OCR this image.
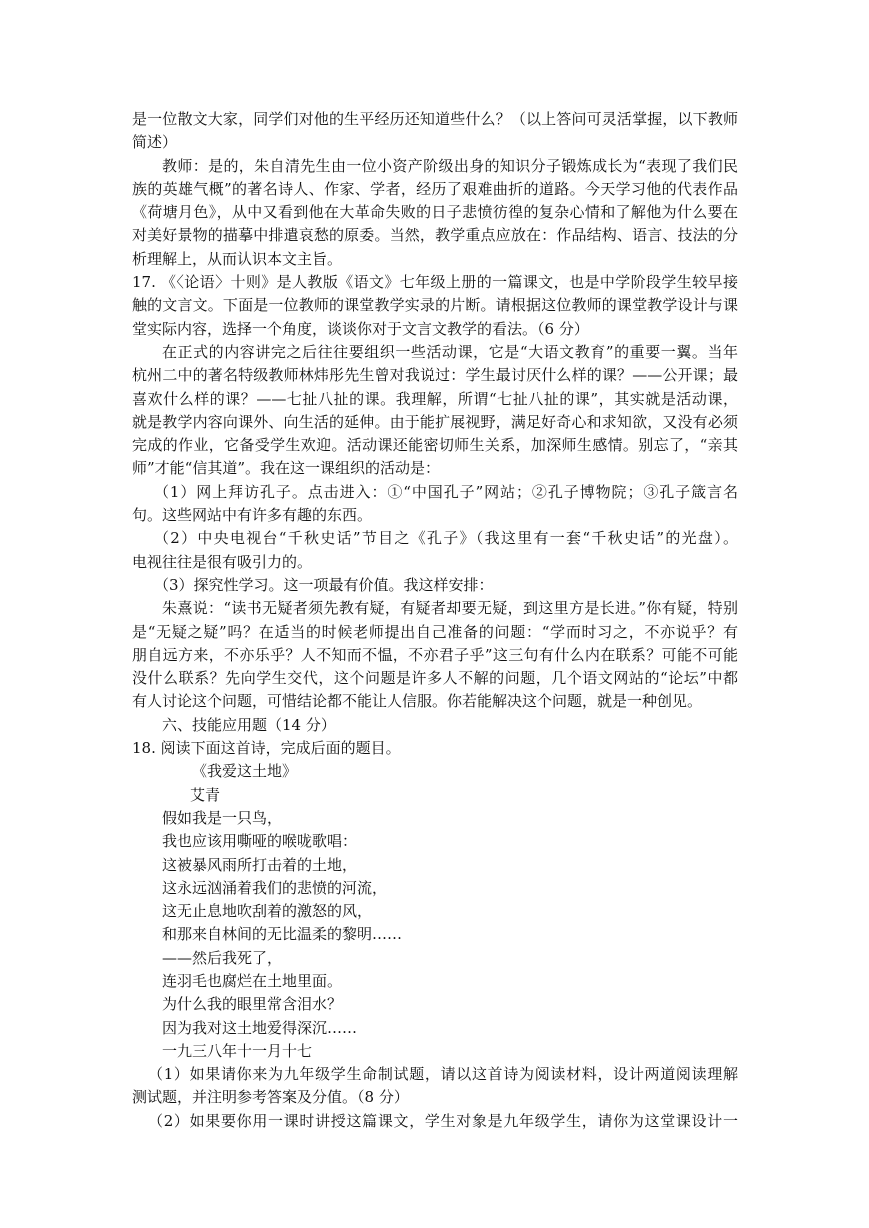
是一位散文大家，同学们对他的生平经历还知道些什么？（以上答问可灵活掌握，以下教师
简述）
教师：是的，朱自清先生由一位小资产阶级出身的知识分子锻炼成长为“表现了我们民
族的英雄气概”的著名诗人、作家、学者，经历了艰难曲折的道路。今天学习他的代表作品
《荷塘月色》，从中又看到他在大革命失败的日子悲愤彷徨的复杂心情和了解他为什么要在
对美好景物的描摹中排遣哀愁的原委。当然，教学重点应放在：作品结构、语言、技法的分
析理解上，从而认识本文主旨。
17. 《〈论语〉十则》是人教版《语文》七年级上册的一篇课文，也是中学阶段学生较早接
触的文言文。下面是一位教师的课堂教学实录的片断。请根据这位教师的课堂教学设计与课
堂实际内容，选择一个角度，谈谈你对于文言文教学的看法。（6 分）
在正式的内容讲完之后往往要组织一些活动课，它是“大语文教育”的重要一翼。当年
杭州二中的著名特级教师林炜彤先生曾对我说过：学生最讨厌什么样的课？——公开课；最
喜欢什么样的课？——七扯八扯的课。我理解，所谓“七扯八扯的课”，其实就是活动课，
就是教学内容向课外、向生活的延伸。由于能扩展视野，满足好奇心和求知欲，又没有必须
完成的作业，它备受学生欢迎。活动课还能密切师生关系，加深师生感情。别忘了，“亲其
师”才能“信其道”。我在这一课组织的活动是：
（1）网上拜访孔子。点击进入：①“中国孔子”网站；②孔子博物院；③孔子箴言名
句。这些网站中有许多有趣的东西。
（2）中央电视台“千秋史话”节目之《孔子》（我这里有一套“千秋史话”的光盘）。
电视往往是很有吸引力的。
（3）探究性学习。这一项最有价值。我这样安排：
朱熹说：“读书无疑者须先教有疑，有疑者却要无疑，到这里方是长进。”你有疑，特别
是“无疑之疑”吗？在适当的时候老师提出自己准备的问题：“学而时习之，不亦说乎？有
朋自远方来，不亦乐乎？人不知而不愠，不亦君子乎”这三句有什么内在联系？可能不可能
没什么联系？先向学生交代，这个问题是许多人不解的问题，几个语文网站的“论坛”中都
有人讨论这个问题，可惜结论都不能让人信服。你若能解决这个问题，就是一种创见。
六、技能应用题（14 分）
18. 阅读下面这首诗，完成后面的题目。
《我爱这土地》
艾青
假如我是一只鸟，
我也应该用嘶哑的喉咙歌唱：
这被暴风雨所打击着的土地，
这永远汹涌着我们的悲愤的河流，
这无止息地吹刮着的激怒的风，
和那来自林间的无比温柔的黎明……
——然后我死了，
连羽毛也腐烂在土地里面。
为什么我的眼里常含泪水？
因为我对这土地爱得深沉……
一九三八年十一月十七
（1）如果请你来为九年级学生命制试题，请以这首诗为阅读材料，设计两道阅读理解
测试题，并注明参考答案及分值。（8 分）
（2）如果要你用一课时讲授这篇课文，学生对象是九年级学生，请你为这堂课设计一
